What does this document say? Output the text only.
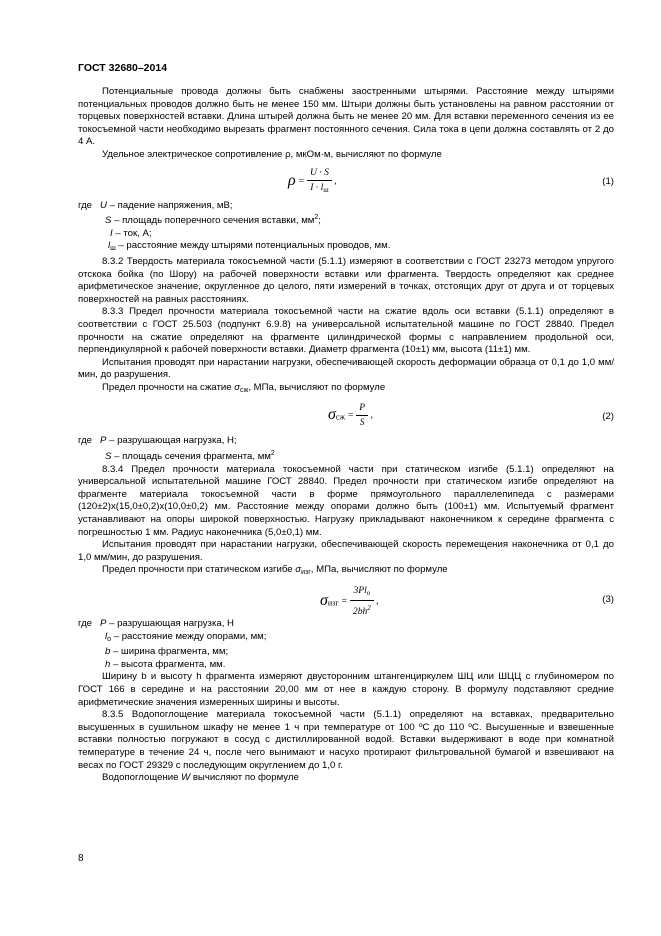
ГОСТ 32680–2014

Потенциальные провода должны быть снабжены заостренными штырями. Расстояние между штырями потенциальных проводов должно быть не менее 150 мм. Штыри должны быть установлены на равном расстоянии от торцевых поверхностей вставки. Длина штырей должна быть не менее 20 мм. Для вставки переменного сечения из ее токосъемной части необходимо вырезать фрагмент постоянного сечения. Сила тока в цепи должна составлять от 2 до 4 А.

Удельное электрическое сопротивление ρ, мкОм·м, вычисляют по формуле

$\rho = \frac{U \cdot S}{I \cdot l_ш}$ ,	(1)
где U – падение напряжения, мВ;
S – площадь поперечного сечения вставки, $мм^2$;
I – ток, А;
$l_ш$ – расстояние между штырями потенциальных проводов, мм.

8.3.2 Твердость материала токосъемной части (5.1.1) измеряют в соответствии с ГОСТ 23273 методом упругого отскока бойка (по Шору) на рабочей поверхности вставки или фрагмента. Твердость определяют как среднее арифметическое значение, округленное до целого, пяти измерений в точках, отстоящих друг от друга и от торцевых поверхностей на равных расстояниях.

8.3.3 Предел прочности материала токосъемной части на сжатие вдоль оси вставки (5.1.1) определяют в соответствии с ГОСТ 25.503 (подпункт 6.9.8) на универсальной испытательной машине по ГОСТ 28840. Предел прочности на сжатие определяют на фрагменте цилиндрической формы с направлением продольной оси, перпендикулярной к рабочей поверхности вставки. Диаметр фрагмента (10±1) мм, высота (11±1) мм.

Испытания проводят при нарастании нагрузки, обеспечивающей скорость деформации образца от 0,1 до 1,0 мм/мин, до разрушения.

Предел прочности на сжатие $\sigma_{сж}$, МПа, вычисляют по формуле

$\sigma_{сж} = \frac{P}{S}$ ,	(2)
где P – разрушающая нагрузка, Н;
S – площадь сечения фрагмента, $мм^2$

8.3.4 Предел прочности материала токосъемной части при статическом изгибе (5.1.1) определяют на универсальной испытательной машине ГОСТ 28840. Предел прочности при статическом изгибе определяют на фрагменте материала токосъемной части в форме прямоугольного параллелепипеда с размерами (120±2)х(15,0±0,2)х(10,0±0,2) мм. Расстояние между опорами должно быть (100±1) мм. Испытуемый фрагмент устанавливают на опоры широкой поверхностью. Нагрузку прикладывают наконечником к середине фрагмента с погрешностью 1 мм. Радиус наконечника (5,0±0,1) мм.

Испытания проводят при нарастании нагрузки, обеспечивающей скорость перемещения наконечника от 0,1 до 1,0 мм/мин, до разрушения.

Предел прочности при статическом изгибе $\sigma_{изг}$, МПа, вычисляют по формуле

$\sigma_{изг} = \frac{3Pl_о}{2bh^2}$ ,	(3)
где P – разрушающая нагрузка, Н
$l_о$ – расстояние между опорами, мм;
b – ширина фрагмента, мм;
h – высота фрагмента, мм.

Ширину b и высоту h фрагмента измеряют двусторонним штангенциркулем ШЦ или ШЦЦ с глубиномером по ГОСТ 166 в середине и на расстоянии 20,00 мм от нее в каждую сторону. В формулу подставляют средние арифметические значения измеренных ширины и высоты.

8.3.5 Водопоглощение материала токосъемной части (5.1.1) определяют на вставках, предварительно высушенных в сушильном шкафу не менее 1 ч при температуре от 100 ºС до 110 ºС. Высушенные и взвешенные вставки полностью погружают в сосуд с дистиллированной водой. Вставки выдерживают в воде при комнатной температуре в течение 24 ч, после чего вынимают и насухо протирают фильтровальной бумагой и взвешивают на весах по ГОСТ 29329 с последующим округлением до 1,0 г.

Водопоглощение W вычисляют по формуле

8
